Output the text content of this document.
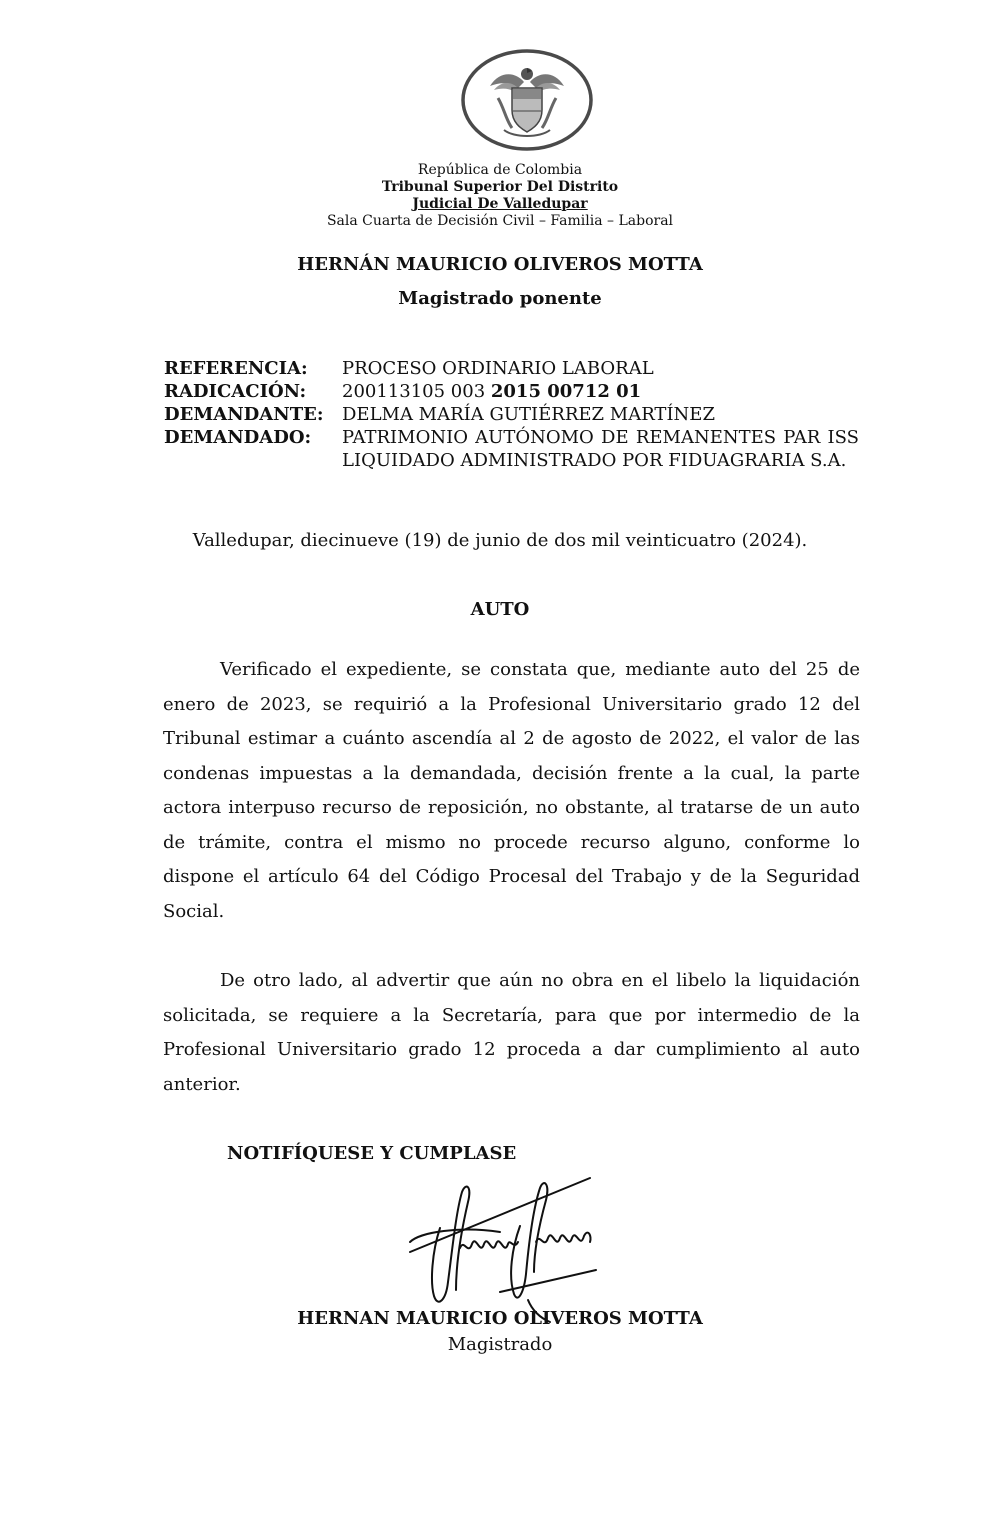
República de Colombia
Tribunal Superior Del Distrito
Judicial De Valledupar
Sala Cuarta de Decisión Civil – Familia – Laboral
HERNÁN MAURICIO OLIVEROS MOTTA
Magistrado ponente
REFERENCIA:	PROCESO ORDINARIO LABORAL
RADICACIÓN:	200113105 003 2015 00712 01
DEMANDANTE:	DELMA MARÍA GUTIÉRREZ MARTÍNEZ
DEMANDADO:	PATRIMONIO AUTÓNOMO DE REMANENTES PAR ISS LIQUIDADO ADMINISTRADO POR FIDUAGRARIA S.A.
Valledupar, diecinueve (19) de junio de dos mil veinticuatro (2024).
AUTO
Verificado el expediente, se constata que, mediante auto del 25 de enero de 2023, se requirió a la Profesional Universitario grado 12 del Tribunal estimar a cuánto ascendía al 2 de agosto de 2022, el valor de las condenas impuestas a la demandada, decisión frente a la cual, la parte actora interpuso recurso de reposición, no obstante, al tratarse de un auto de trámite, contra el mismo no procede recurso alguno, conforme lo dispone el artículo 64 del Código Procesal del Trabajo y de la Seguridad Social.
De otro lado, al advertir que aún no obra en el libelo la liquidación solicitada, se requiere a la Secretaría, para que por intermedio de la Profesional Universitario grado 12 proceda a dar cumplimiento al auto anterior.
NOTIFÍQUESE Y CUMPLASE
HERNAN MAURICIO OLIVEROS MOTTA
Magistrado
